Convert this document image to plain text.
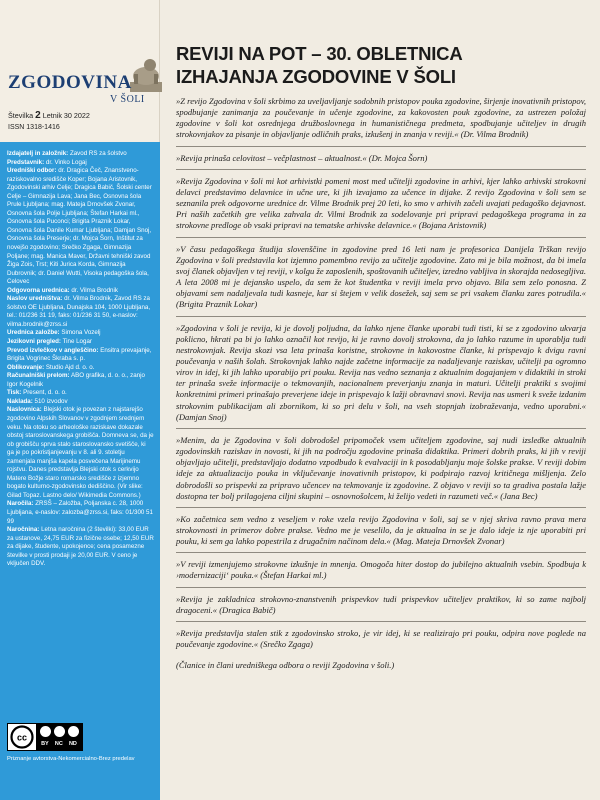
ZGODOVINA
V ŠOLI
Številka 2 Letnik 30 2022
ISSN 1318-1416

Izdajatelj in založnik: Zavod RS za šolstvo

Predstavnik: dr. Vinko Logaj

Uredniški odbor: dr. Dragica Čeč, Znanstveno-raziskovalno središče Koper; Bojana Aristovnik, Zgodovinski arhiv Celje; Dragica Babič, Šolski center Celje – Gimnazija Lava; Jana Bec, Osnovna šola Prule Ljubljana; mag. Mateja Drnovšek Zvonar, Osnovna šola Polje Ljubljana; Štefan Harkai ml., Osnovna šola Puconci; Brigita Praznik Lokar, Osnovna šola Danile Kumar Ljubljana; Damjan Snoj, Osnovna šola Preserje; dr. Mojca Šorn, Inštitut za novejšo zgodovino; Srečko Zgaga, Gimnazija Poljane; mag. Manica Maver, Državni tehniški zavod Žiga Zois, Trst; Kiti Jurica Korda, Gimnazija Dubrovnik; dr. Daniel Wutti, Visoka pedagoška šola, Celovec

Odgovorna urednica: dr. Vilma Brodnik

Naslov uredništva: dr. Vilma Brodnik, Zavod RS za šolstvo OE Ljubljana, Dunajska 104, 1000 Ljubljana, tel.: 01/236 31 19, faks: 01/236 31 50, e-naslov: vilma.brodnik@zrss.si

Urednica založbe: Simona Vozelj

Jezikovni pregled: Tine Logar

Prevod izvlečkov v angleščino: Ensitra prevajanje, Brigita Vogrinec Škraba s. p.

Oblikovanje: Studio Ajd d. o. o.

Računalniški prelom: ABO grafika, d. o. o., zanjo Igor Kogelnik

Tisk: Present, d. o. o.

Naklada: 510 izvodov

Naslovnica: Blejski otok je povezan z najstarejšo zgodovino Alpskih Slovanov v zgodnjem srednjem veku. Na otoku so arheološke raziskave dokazale obstoj staroslovanskega grobišča. Domneva se, da je ob grobišču sprva stalo staroslovansko svetišče, ki ga je po pokristjanjevanju v 8. ali 9. stoletju zamenjala manjša kapela posvečena Marijinemu rojstvu. Danes predstavlja Blejski otok s cerkvijo Matere Božje staro romarsko središče z izjemno bogato kulturno-zgodovinsko dediščino. (Vir slike: Gilad Topaz. Lastno delo/ Wikimedia Commons.)

Naročila: ZRSŠ – Založba, Poljanska c. 28, 1000 Ljubljana, e-naslov: zalozba@zrss.si, faks: 01/300 51 99

Naročnina: Letna naročnina (2 številki): 33,00 EUR za ustanove, 24,75 EUR za fizične osebe; 12,50 EUR za dijake, študente, upokojence; cena posamezne številke v prosti prodaji je 20,00 EUR. V ceno je vključen DDV.

cc
BY NC ND
Priznanje avtorstva-Nekomercialno-Brez predelav
REVIJI NA POT – 30. OBLETNICA
IZHAJANJA ZGODOVINE V ŠOLI

»Z revijo Zgodovina v šoli skrbimo za uveljavljanje sodobnih pristopov pouka zgodovine, širjenje inovativnih pristopov, spodbujanje zanimanja za poučevanje in učenje zgodovine, za kakovosten pouk zgodovine, za ustrezen položaj zgodovine v šoli kot osrednjega družboslovnega in humanističnega predmeta, spodbujanje učiteljev in drugih strokovnjakov za pisanje in objavljanje odličnih praks, izkušenj in znanja v reviji.« (Dr. Vilma Brodnik)

»Revija prinaša celovitost – večplastnost – aktualnost.« (Dr. Mojca Šorn)

»Revija Zgodovina v šoli mi kot arhivistki pomeni most med učitelji zgodovine in arhivi, kjer lahko arhivski strokovni delavci predstavimo delavnice in učne ure, ki jih izvajamo za učence in dijake. Z revijo Zgodovina v šoli sem se seznanila prek odgovorne urednice dr. Vilme Brodnik prej 20 leti, ko smo v arhivih začeli uvajati pedagoško dejavnost. Pri naših začetkih gre velika zahvala dr. Vilmi Brodnik za sodelovanje pri pripravi pedagoškega programa in za strokovne predloge ob vsaki pripravi na tematske arhivske delavnice.« (Bojana Aristovnik)

»V času pedagoškega študija slovenščine in zgodovine pred 16 leti nam je profesorica Danijela Trškan revijo Zgodovina v šoli predstavila kot izjemno pomembno revijo za učitelje zgodovine. Zato mi je bila možnost, da bi imela svoj članek objavljen v tej reviji, v kolgu že zaposlenih, spoštovanih učiteljev, izredno vabljiva in skorajda nedosegljiva. A leta 2008 mi je dejansko uspelo, da sem že kot študentka v reviji imela prvo objavo. Bila sem zelo ponosna. Z objavami sem nadaljevala tudi kasneje, kar si štejem v velik dosežek, saj sem se pri vsakem članku zares potrudila.« (Brigita Praznik Lokar)

»Zgodovina v šoli je revija, ki je dovolj poljudna, da lahko njene članke uporabi tudi tisti, ki se z zgodovino ukvarja poklicno, hkrati pa bi jo lahko označil kot revijo, ki je ravno dovolj strokovna, da jo lahko razume in uporablja tudi nestrokovnjak. Revija skozi vsa leta prinaša koristne, strokovne in kakovostne članke, ki prispevajo k dvigu ravni poučevanja v naših šolah. Strokovnjak lahko najde začetne informacije za nadaljevanje raziskav, učitelji pa ogromno virov in idej, ki jih lahko uporabijo pri pouku. Revija nas vedno seznanja z aktualnim dogajanjem v didaktiki in stroki ter prinaša sveže informacije o tekmovanjih, nacionalnem preverjanju znanja in maturi. Učitelji praktiki s svojimi konkretnimi primeri prinašajo preverjene ideje in prispevajo k lažji obravnavi snovi. Revija nas usmeri k sveže izdanim strokovnim publikacijam ali zbornikom, ki so pri delu v šoli, na vseh stopnjah izobraževanja, vedno uporabni.« (Damjan Snoj)

»Menim, da je Zgodovina v šoli dobrodošel pripomoček vsem učiteljem zgodovine, saj nudi izsledke aktualnih zgodovinskih raziskav in novosti, ki jih na področju zgodovine prinaša didaktika. Primeri dobrih praks, ki jih v reviji objavljajo učitelji, predstavljajo dodatno vzpodbudo k evalvaciji in k posodabljanju moje šolske prakse. V reviji dobim ideje za aktualizacijo pouka in vključevanje inovativnih pristopov, ki podpirajo razvoj kritičnega mišljenja. Zelo dobrodošli so prispevki za pripravo učencev na tekmovanje iz zgodovine. Z objavo v reviji so ta gradiva postala lažje dostopna ter bolj prilagojena ciljni skupini – osnovnošolcem, ki želijo vedeti in razumeti več.« (Jana Bec)

»Ko začetnica sem vedno z veseljem v roke vzela revijo Zgodovina v šoli, saj se v njej skriva ravno prava mera strokovnosti in primerov dobre prakse. Vedno me je veselilo, da je aktualna in se je dalo ideje iz nje uporabiti pri pouku, ki sem ga lahko popestrila z drugačnim načinom dela.« (Mag. Mateja Drnovšek Zvonar)

»V reviji izmenjujemo strokovne izkušnje in mnenja. Omogoča hiter dostop do jubilejno aktualnih vsebin. Spodbuja k ›modernizacijiʻ pouka.« (Štefan Harkai ml.)

»Revija je zakladnica strokovno-znanstvenih prispevkov tudi prispevkov učiteljev praktikov, ki so zame najbolj dragoceni.« (Dragica Babič)

»Revija predstavlja stalen stik z zgodovinsko stroko, je vir idej, ki se realizirajo pri pouku, odpira nove poglede na poučevanje zgodovine.« (Srečko Zgaga)

(Članice in člani uredniškega odbora o reviji Zgodovina v šoli.)
